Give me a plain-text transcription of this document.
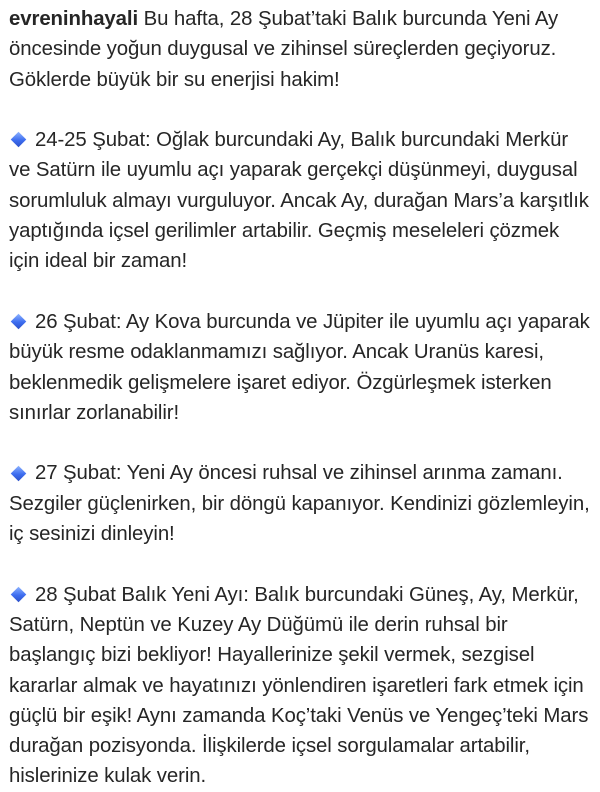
evreninhayali Bu hafta, 28 Şubat’taki Balık burcunda Yeni Ay öncesinde yoğun duygusal ve zihinsel süreçlerden geçiyoruz. Göklerde büyük bir su enerjisi hakim!

24-25 Şubat: Oğlak burcundaki Ay, Balık burcundaki Merkür ve Satürn ile uyumlu açı yaparak gerçekçi düşünmeyi, duygusal sorumluluk almayı vurguluyor. Ancak Ay, durağan Mars’a karşıtlık yaptığında içsel gerilimler artabilir. Geçmiş meseleleri çözmek için ideal bir zaman!

26 Şubat: Ay Kova burcunda ve Jüpiter ile uyumlu açı yaparak büyük resme odaklanmamızı sağlıyor. Ancak Uranüs karesi, beklenmedik gelişmelere işaret ediyor. Özgürleşmek isterken sınırlar zorlanabilir!

27 Şubat: Yeni Ay öncesi ruhsal ve zihinsel arınma zamanı. Sezgiler güçlenirken, bir döngü kapanıyor. Kendinizi gözlemleyin, iç sesinizi dinleyin!

28 Şubat Balık Yeni Ayı: Balık burcundaki Güneş, Ay, Merkür, Satürn, Neptün ve Kuzey Ay Düğümü ile derin ruhsal bir başlangıç bizi bekliyor! Hayallerinize şekil vermek, sezgisel kararlar almak ve hayatınızı yönlendiren işaretleri fark etmek için güçlü bir eşik! Aynı zamanda Koç’taki Venüs ve Yengeç’teki Mars durağan pozisyonda. İlişkilerde içsel sorgulamalar artabilir, hislerinize kulak verin.
